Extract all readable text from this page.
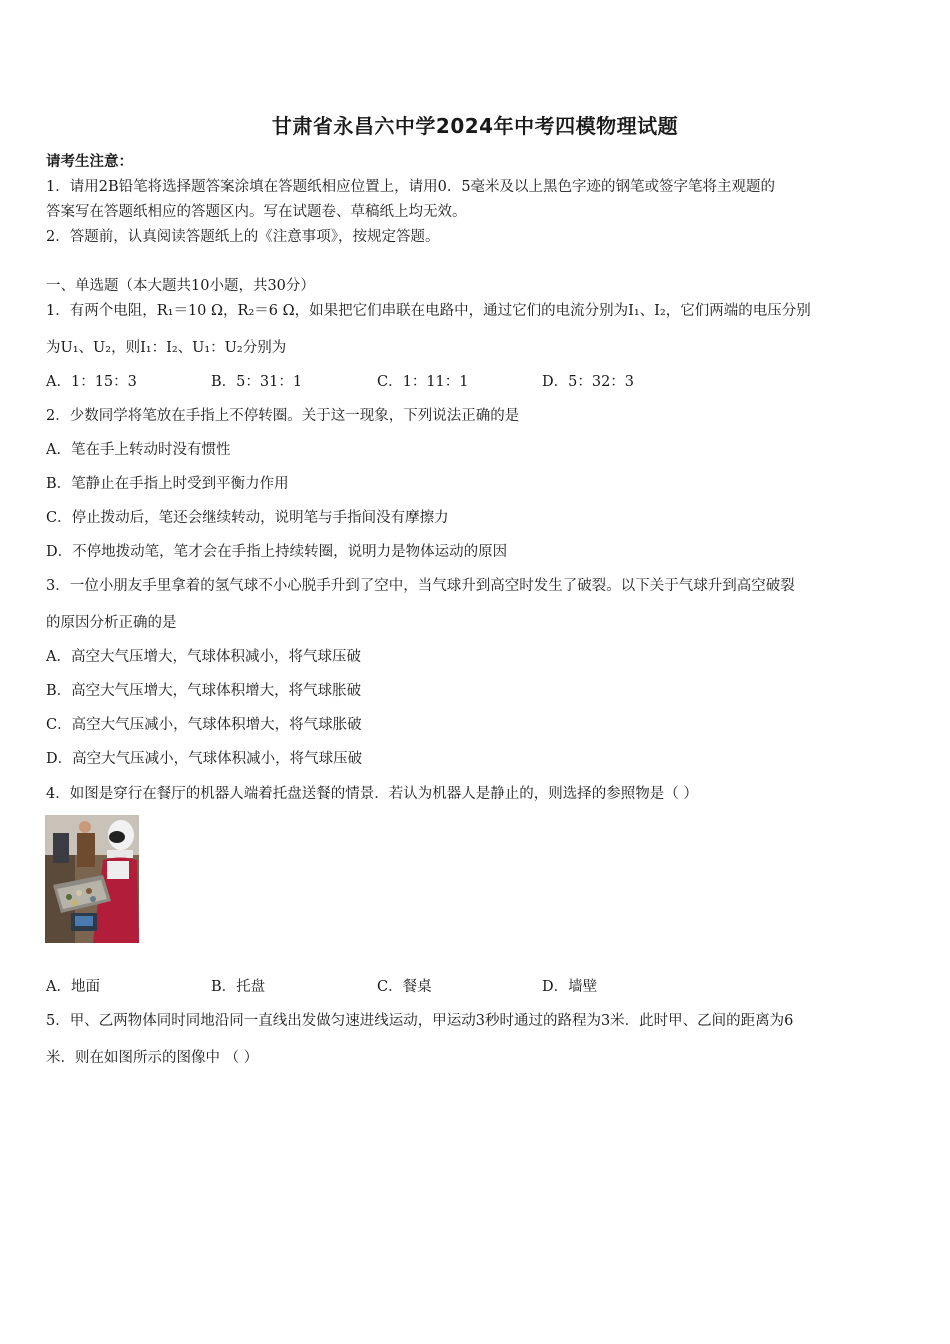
甘肃省永昌六中学2024年中考四模物理试题
请考生注意：
1．请用2B铅笔将选择题答案涂填在答题纸相应位置上，请用0．5毫米及以上黑色字迹的钢笔或签字笔将主观题的
答案写在答题纸相应的答题区内。写在试题卷、草稿纸上均无效。
2．答题前，认真阅读答题纸上的《注意事项》，按规定答题。
一、单选题（本大题共10小题，共30分）
1．有两个电阻，R₁＝10 Ω，R₂＝6 Ω，如果把它们串联在电路中，通过它们的电流分别为I₁、I₂，它们两端的电压分别
为U₁、U₂，则I₁：I₂、U₁：U₂分别为
A．1：15：3	B．5：31：1	C．1：11：1	D．5：32：3
2．少数同学将笔放在手指上不停转圈。关于这一现象，下列说法正确的是
A．笔在手上转动时没有惯性
B．笔静止在手指上时受到平衡力作用
C．停止拨动后，笔还会继续转动，说明笔与手指间没有摩擦力
D．不停地拨动笔，笔才会在手指上持续转圈，说明力是物体运动的原因
3．一位小朋友手里拿着的氢气球不小心脱手升到了空中，当气球升到高空时发生了破裂。以下关于气球升到高空破裂
的原因分析正确的是
A．高空大气压增大，气球体积减小，将气球压破
B．高空大气压增大，气球体积增大，将气球胀破
C．高空大气压减小，气球体积增大，将气球胀破
D．高空大气压减小，气球体积减小，将气球压破
4．如图是穿行在餐厅的机器人端着托盘送餐的情景．若认为机器人是静止的，则选择的参照物是（ ）
A．地面	B．托盘	C．餐桌	D．墙壁
5．甲、乙两物体同时同地沿同一直线出发做匀速进线运动，甲运动3秒时通过的路程为3米．此时甲、乙间的距离为6
米．则在如图所示的图像中 （ ）
